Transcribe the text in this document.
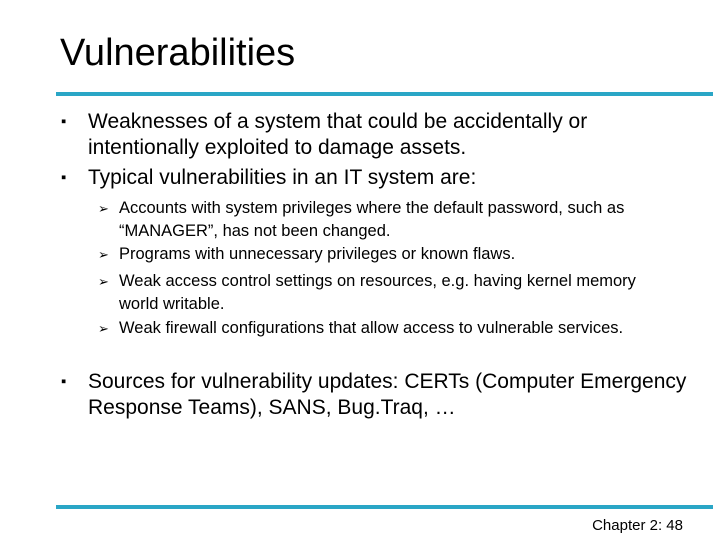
Vulnerabilities
▪ Weaknesses of a system that could be accidentally or intentionally exploited to damage assets.
▪ Typical vulnerabilities in an IT system are:
➢ Accounts with system privileges where the default password, such as “MANAGER”, has not been changed.
➢ Programs with unnecessary privileges or known flaws.
➢ Weak access control settings on resources, e.g. having kernel memory world writable.
➢ Weak firewall configurations that allow access to vulnerable services.
▪ Sources for vulnerability updates: CERTs (Computer Emergency Response Teams), SANS, Bug.Traq, …
Chapter 2: 48
